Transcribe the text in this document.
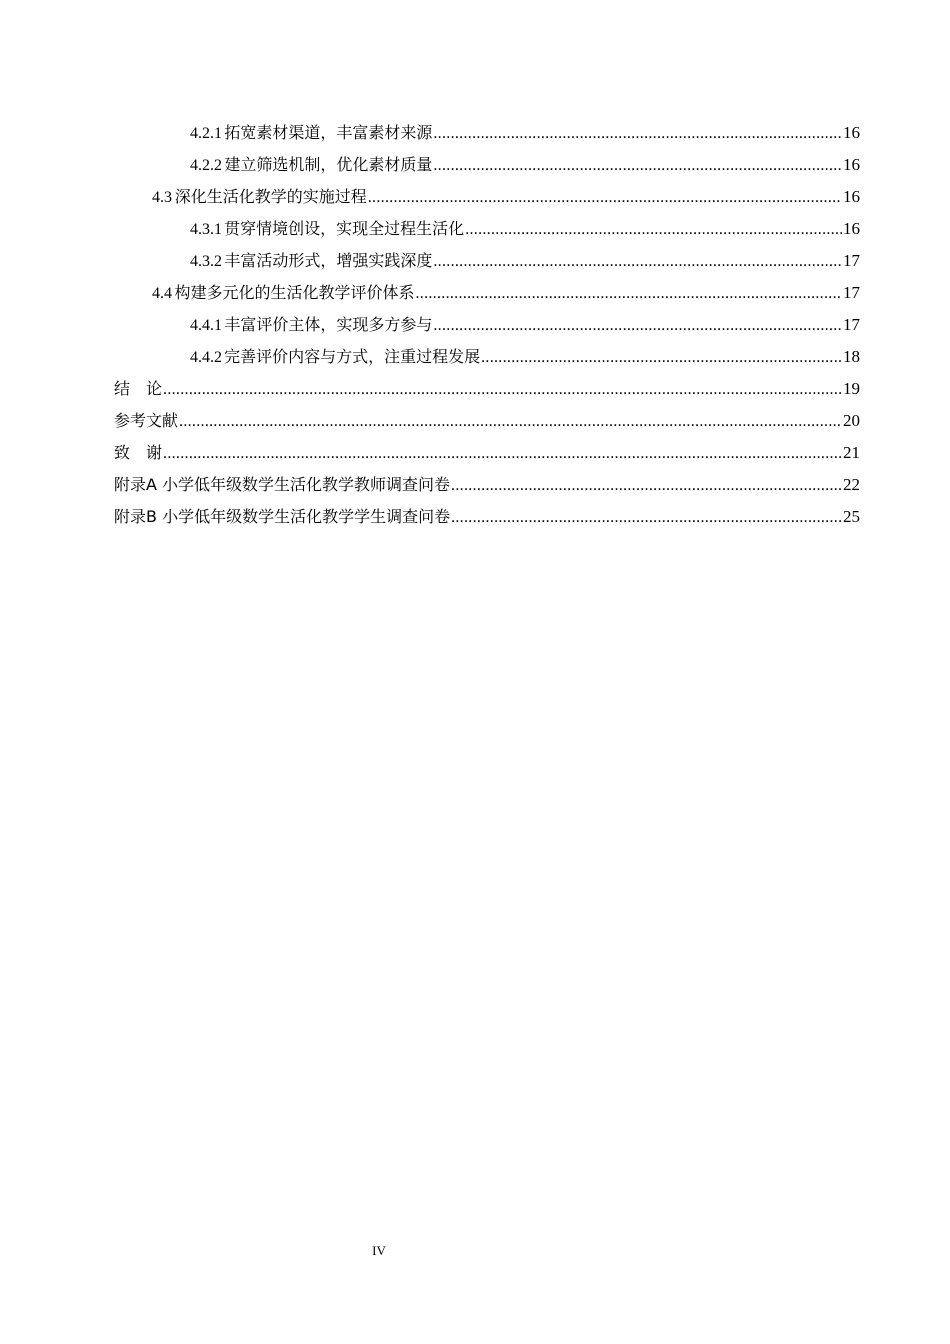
4.2.1 拓宽素材渠道，丰富素材来源 .....	16
4.2.2 建立筛选机制，优化素材质量 .....	16
4.3 深化生活化教学的实施过程 .....	16
4.3.1 贯穿情境创设，实现全过程生活化 .....	16
4.3.2 丰富活动形式，增强实践深度 .....	17
4.4 构建多元化的生活化教学评价体系 .....	17
4.4.1 丰富评价主体，实现多方参与 .....	17
4.4.2 完善评价内容与方式，注重过程发展 .....	18
结　论 .....	19
参考文献 .....	20
致　谢 .....	21
附录A 小学低年级数学生活化教学教师调查问卷 .....	22
附录B 小学低年级数学生活化教学学生调查问卷 .....	25
IV
